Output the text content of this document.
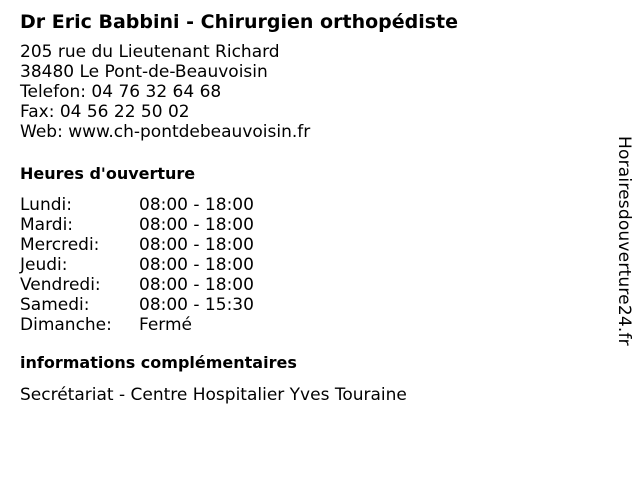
Dr Eric Babbini - Chirurgien orthopédiste
205 rue du Lieutenant Richard
38480 Le Pont-de-Beauvoisin
Telefon: 04 76 32 64 68
Fax: 04 56 22 50 02
Web: www.ch-pontdebeauvoisin.fr
Heures d'ouverture
Lundi:	08:00 - 18:00
Mardi:	08:00 - 18:00
Mercredi:	08:00 - 18:00
Jeudi:	08:00 - 18:00
Vendredi:	08:00 - 18:00
Samedi:	08:00 - 15:30
Dimanche:	Fermé
informations complémentaires
Secrétariat - Centre Hospitalier Yves Touraine
Horairesdouverture24.fr
